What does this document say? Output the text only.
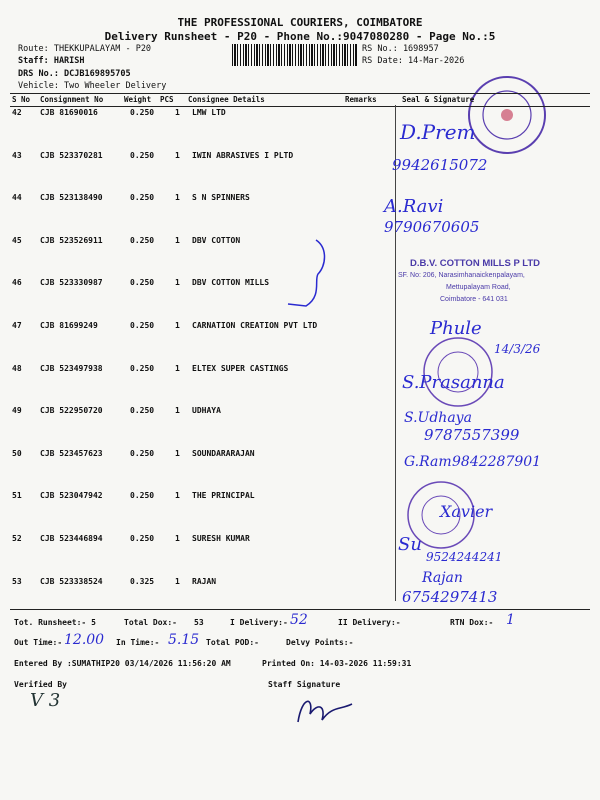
THE PROFESSIONAL COURIERS, COIMBATORE
Delivery Runsheet - P20 - Phone No.:9047080280 - Page No.:5
Route: THEKKUPALAYAM - P20
Staff: HARISH
DRS No.: DCJB169895705
Vehicle: Two Wheeler Delivery
RS No.: 1698957
RS Date: 14-Mar-2026
S No Consignment No	Weight PCS Consignee Details	Remarks	Seal & Signature
42 CJB 81690016	0.250	1 LMW LTD
43 CJB 523370281	0.250	1 IWIN ABRASIVES I PLTD
44 CJB 523138490	0.250	1 S N SPINNERS
45 CJB 523526911	0.250	1 DBV COTTON
46 CJB 523330987	0.250	1 DBV COTTON MILLS
47 CJB 81699249	0.250	1 CARNATION CREATION PVT LTD
48 CJB 523497938	0.250	1 ELTEX SUPER CASTINGS
49 CJB 522950720	0.250	1 UDHAYA
50 CJB 523457623	0.250	1 SOUNDARARAJAN
51 CJB 523047942	0.250	1 THE PRINCIPAL
52 CJB 523446894	0.250	1 SURESH KUMAR
53 CJB 523338524	0.325	1 RAJAN
D.Prem
9942615072
A.Ravi
9790670605
D.B.V. COTTON MILLS P LTD
SF. No: 206, Narasimhanaickenpalayam,
Mettupalayam Road,
Coimbatore - 641 031
Phule
14/3/26
S.Prasanna
S.Udhaya
9787557399
G.Ram 9842287901
Xavier
Su
9524244241
Rajan
6754297413
Tot. Runsheet:- 5	Total Dox:- 53	I Delivery:- 52	II Delivery:-	RTN Dox:- 1
Out Time:- 12.00 In Time:- 5.15 Total POD:-	Delvy Points:-
Entered By :SUMATHIP20 03/14/2026 11:56:20 AM	Printed On: 14-03-2026 11:59:31
Verified By	Staff Signature
V 3
